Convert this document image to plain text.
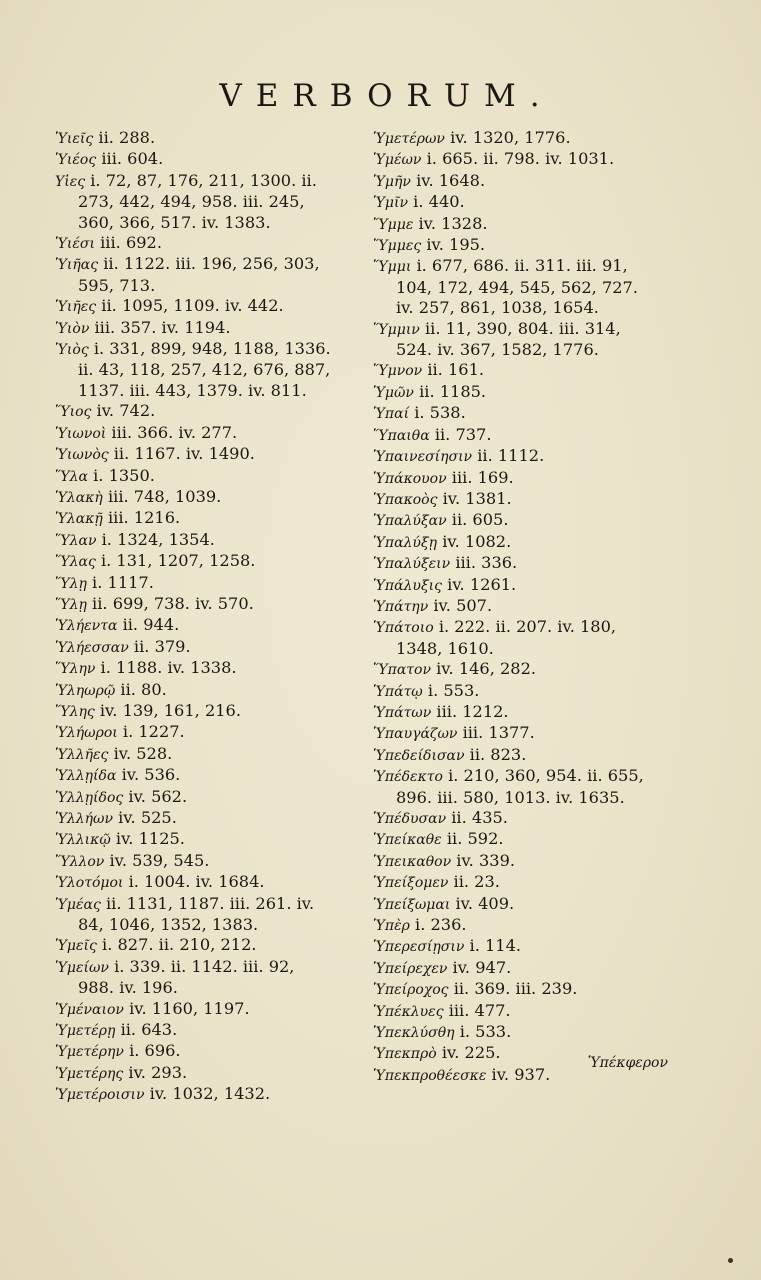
VERBORUM.
Ὑιεῖς ii. 288.
Ὑιέος iii. 604.
Υἱες i. 72, 87, 176, 211, 1300. ii.
273, 442, 494, 958. iii. 245,
360, 366, 517. iv. 1383.
Ὑιέσι iii. 692.
Ὑιῆας ii. 1122. iii. 196, 256, 303,
595, 713.
Ὑιῆες ii. 1095, 1109. iv. 442.
Ὑιὸν iii. 357. iv. 1194.
Ὑιὸς i. 331, 899, 948, 1188, 1336.
ii. 43, 118, 257, 412, 676, 887,
1137. iii. 443, 1379. iv. 811.
Ὕιος iv. 742.
Ὑιωνοὶ iii. 366. iv. 277.
Ὑιωνὸς ii. 1167. iv. 1490.
Ὕλα i. 1350.
Ὑλακὴ iii. 748, 1039.
Ὑλακῇ iii. 1216.
Ὕλαν i. 1324, 1354.
Ὕλας i. 131, 1207, 1258.
Ὕλῃ i. 1117.
Ὕλῃ ii. 699, 738. iv. 570.
Ὑλήεντα ii. 944.
Ὑλήεσσαν ii. 379.
Ὕλην i. 1188. iv. 1338.
Ὑληωρῷ ii. 80.
Ὕλης iv. 139, 161, 216.
Ὑλήωροι i. 1227.
Ὑλλῆες iv. 528.
Ὑλλῃίδα iv. 536.
Ὑλλῃίδος iv. 562.
Ὑλλήων iv. 525.
Ὑλλικῷ iv. 1125.
Ὕλλον iv. 539, 545.
Ὑλοτόμοι i. 1004. iv. 1684.
Ὑμέας ii. 1131, 1187. iii. 261. iv.
84, 1046, 1352, 1383.
Ὑμεῖς i. 827. ii. 210, 212.
Ὑμείων i. 339. ii. 1142. iii. 92,
988. iv. 196.
Ὑμέναιον iv. 1160, 1197.
Ὑμετέρῃ ii. 643.
Ὑμετέρην i. 696.
Ὑμετέρης iv. 293.
Ὑμετέροισιν iv. 1032, 1432.
Ὑμετέρων iv. 1320, 1776.
Ὑμέων i. 665. ii. 798. iv. 1031.
Ὑμῆν iv. 1648.
Ὑμῖν i. 440.
Ὕμμε iv. 1328.
Ὕμμες iv. 195.
Ὕμμι i. 677, 686. ii. 311. iii. 91,
104, 172, 494, 545, 562, 727.
iv. 257, 861, 1038, 1654.
Ὕμμιν ii. 11, 390, 804. iii. 314,
524. iv. 367, 1582, 1776.
Ὕμνον ii. 161.
Ὑμῶν ii. 1185.
Ὑπαί i. 538.
Ὕπαιθα ii. 737.
Ὑπαινεσίησιν ii. 1112.
Ὑπάκουον iii. 169.
Ὑπακοὸς iv. 1381.
Ὑπαλύξαν ii. 605.
Ὑπαλύξῃ iv. 1082.
Ὑπαλύξειν iii. 336.
Ὑπάλυξις iv. 1261.
Ὑπάτην iv. 507.
Ὑπάτοιο i. 222. ii. 207. iv. 180,
1348, 1610.
Ὕπατον iv. 146, 282.
Ὑπάτῳ i. 553.
Ὑπάτων iii. 1212.
Ὑπαυγάζων iii. 1377.
Ὑπεδείδισαν ii. 823.
Ὑπέδεκτο i. 210, 360, 954. ii. 655,
896. iii. 580, 1013. iv. 1635.
Ὑπέδυσαν ii. 435.
Ὑπείκαθε ii. 592.
Ὑπεικαθον iv. 339.
Ὑπείξομεν ii. 23.
Ὑπείξωμαι iv. 409.
Ὑπὲρ i. 236.
Ὑπερεσίῃσιν i. 114.
Ὑπείρεχεν iv. 947.
Ὑπείροχος ii. 369. iii. 239.
Ὑπέκλυες iii. 477.
Ὑπεκλύσθη i. 533.
Ὑπεκπρὸ iv. 225.
Ὑπεκπροθέεσκε iv. 937.
Ὑπέκφερον
